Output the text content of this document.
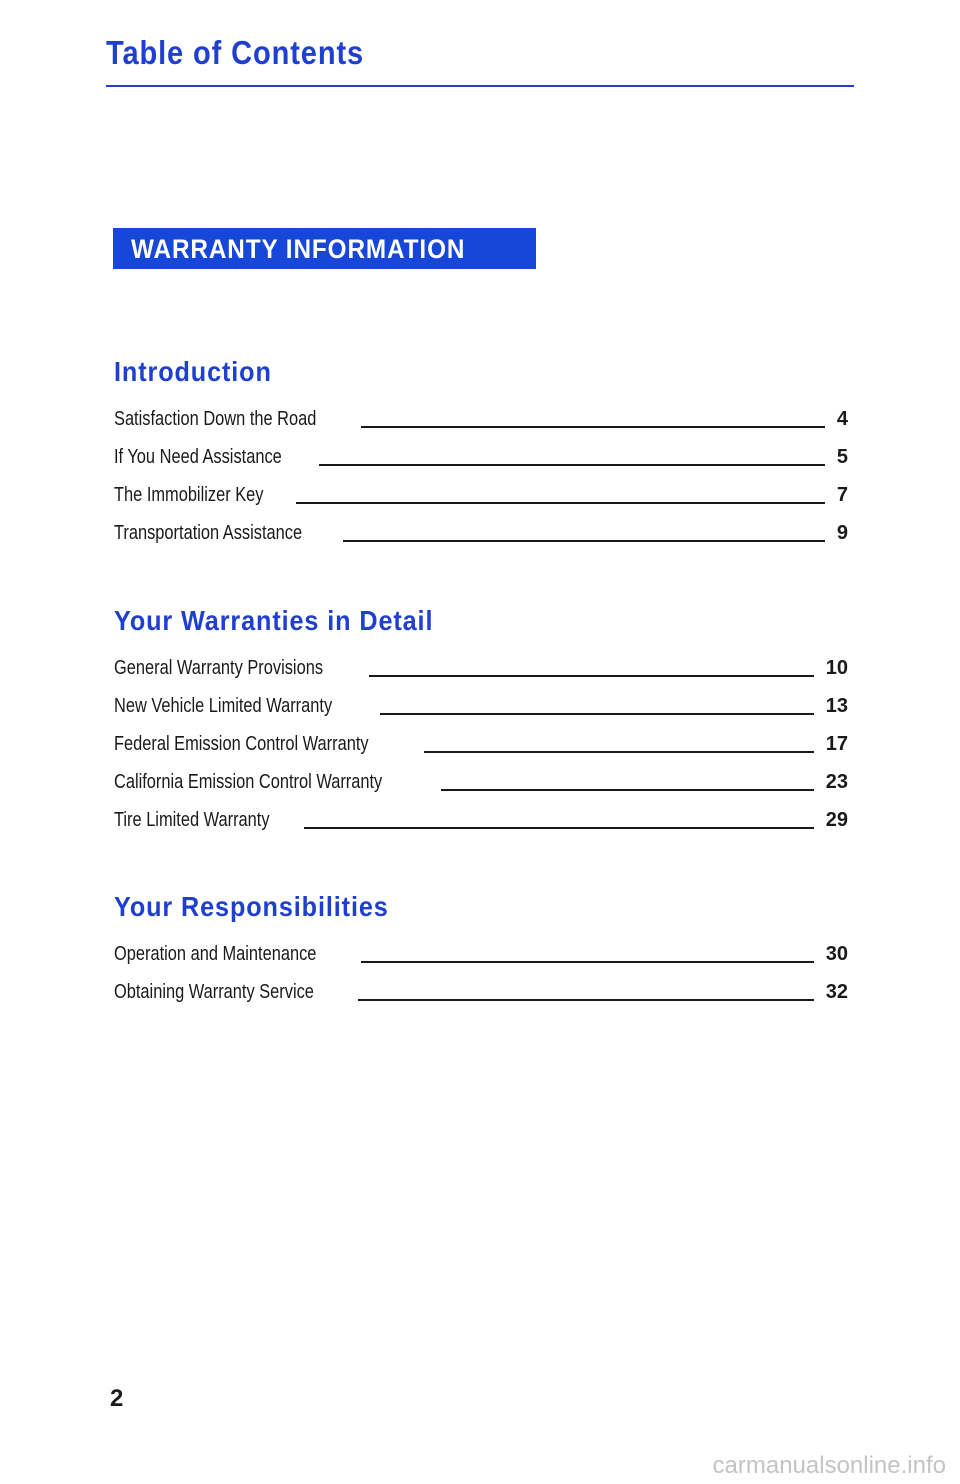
Table of Contents
WARRANTY INFORMATION
Introduction
Satisfaction Down the Road	4
If You Need Assistance	5
The Immobilizer Key	7
Transportation Assistance	9
Your Warranties in Detail
General Warranty Provisions	10
New Vehicle Limited Warranty	13
Federal Emission Control Warranty	17
California Emission Control Warranty	23
Tire Limited Warranty	29
Your Responsibilities
Operation and Maintenance	30
Obtaining Warranty Service	32
2
carmanualsonline.info
